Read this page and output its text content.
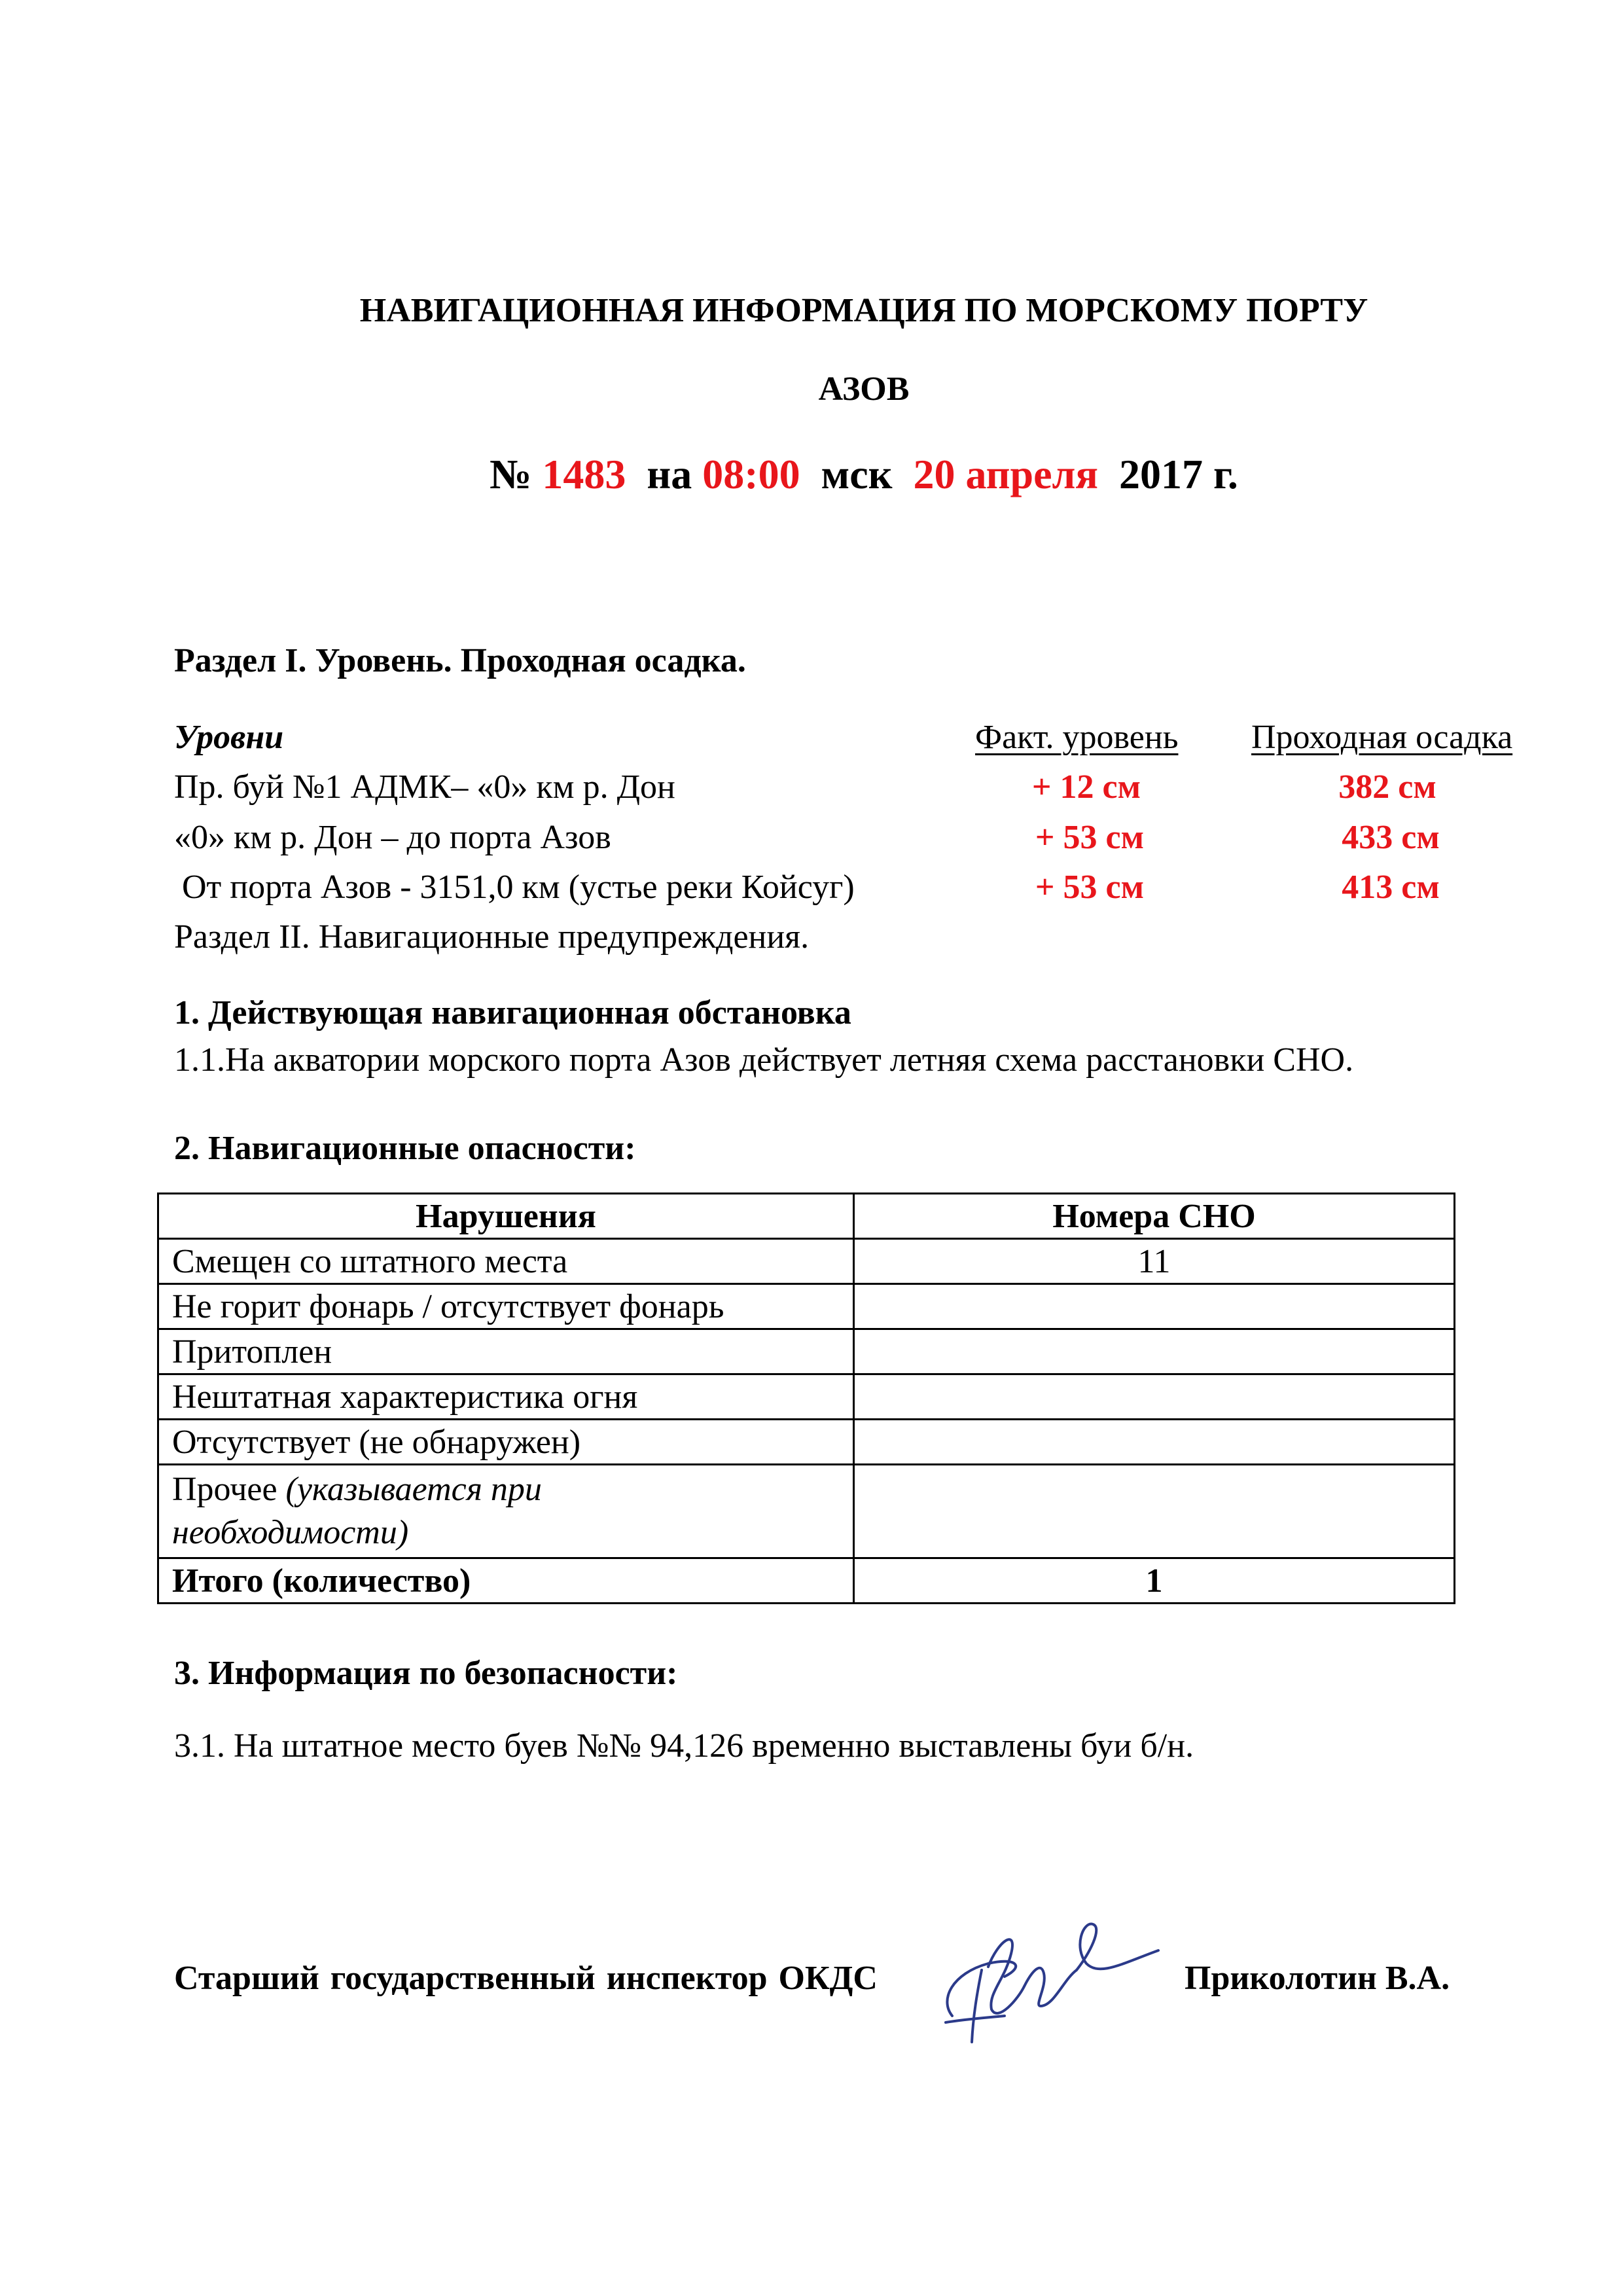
НАВИГАЦИОННАЯ ИНФОРМАЦИЯ ПО МОРСКОМУ ПОРТУ
АЗОВ
№ 1483 на 08:00 мск 20 апреля 2017 г.
Раздел I. Уровень. Проходная осадка.
Уровни	Факт. уровень Проходная осадка
Пр. буй №1 АДМК– «0» км р. Дон	+ 12 см	382 см
«0» км р. Дон – до порта Азов	+ 53 см	433 см
От порта Азов - 3151,0 км (устье реки Койсуг)	+ 53 см	413 см
Раздел II. Навигационные предупреждения.
1. Действующая навигационная обстановка
1.1.На акватории морского порта Азов действует летняя схема расстановки СНО.
2. Навигационные опасности:
Нарушения	Номера СНО
Смещен со штатного места	11
Не горит фонарь / отсутствует фонарь	
Притоплен	
Нештатная характеристика огня	
Отсутствует (не обнаружен)	
Прочее (указывается при
необходимости)	
Итого (количество)	1
3. Информация по безопасности:
3.1. На штатное место буев №№ 94,126 временно выставлены буи б/н.
Старший государственный инспектор ОКДС	Приколотин В.А.
